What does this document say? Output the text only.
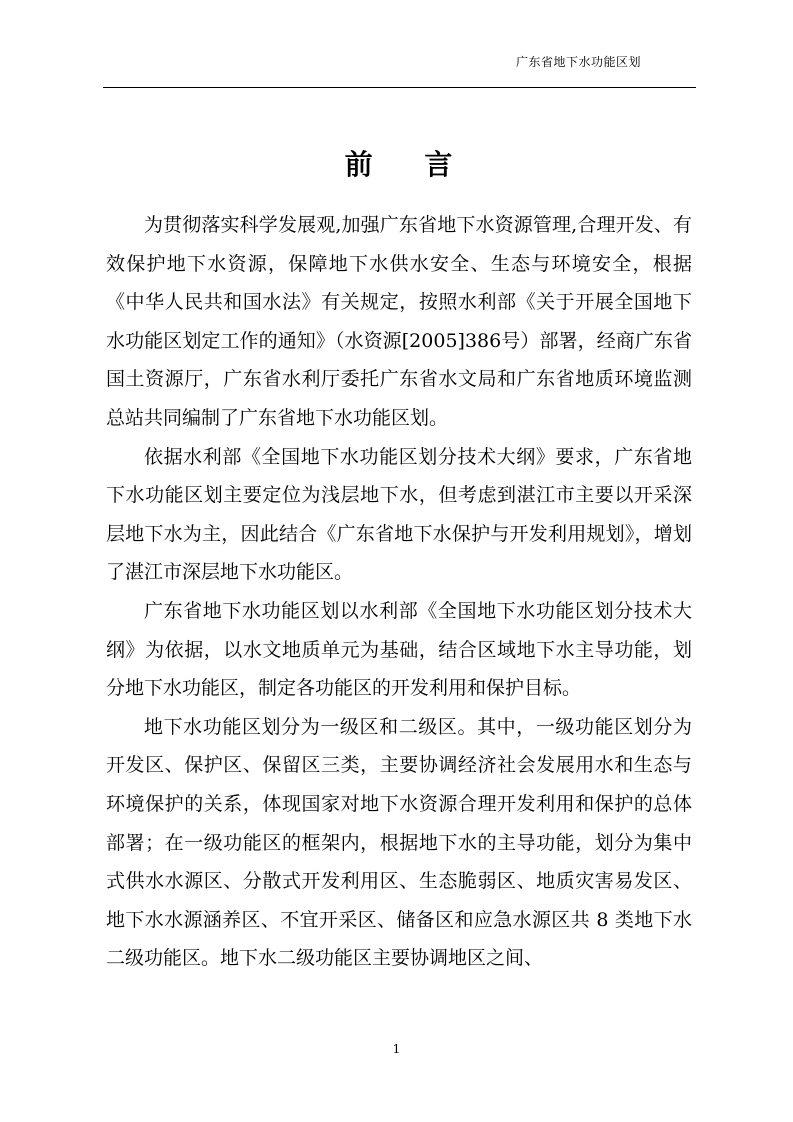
广东省地下水功能区划
前 言

为贯彻落实科学发展观,加强广东省地下水资源管理,合理开发、有效保护地下水资源，保障地下水供水安全、生态与环境安全，根据《中华人民共和国水法》有关规定，按照水利部《关于开展全国地下水功能区划定工作的通知》（水资源[2005]386号）部署，经商广东省国土资源厅，广东省水利厅委托广东省水文局和广东省地质环境监测总站共同编制了广东省地下水功能区划。

依据水利部《全国地下水功能区划分技术大纲》要求，广东省地下水功能区划主要定位为浅层地下水，但考虑到湛江市主要以开采深层地下水为主，因此结合《广东省地下水保护与开发利用规划》，增划了湛江市深层地下水功能区。

广东省地下水功能区划以水利部《全国地下水功能区划分技术大纲》为依据，以水文地质单元为基础，结合区域地下水主导功能，划分地下水功能区，制定各功能区的开发利用和保护目标。

地下水功能区划分为一级区和二级区。其中，一级功能区划分为开发区、保护区、保留区三类，主要协调经济社会发展用水和生态与环境保护的关系，体现国家对地下水资源合理开发利用和保护的总体部署；在一级功能区的框架内，根据地下水的主导功能，划分为集中式供水水源区、分散式开发利用区、生态脆弱区、地质灾害易发区、地下水水源涵养区、不宜开采区、储备区和应急水源区共 8 类地下水二级功能区。地下水二级功能区主要协调地区之间、

1
